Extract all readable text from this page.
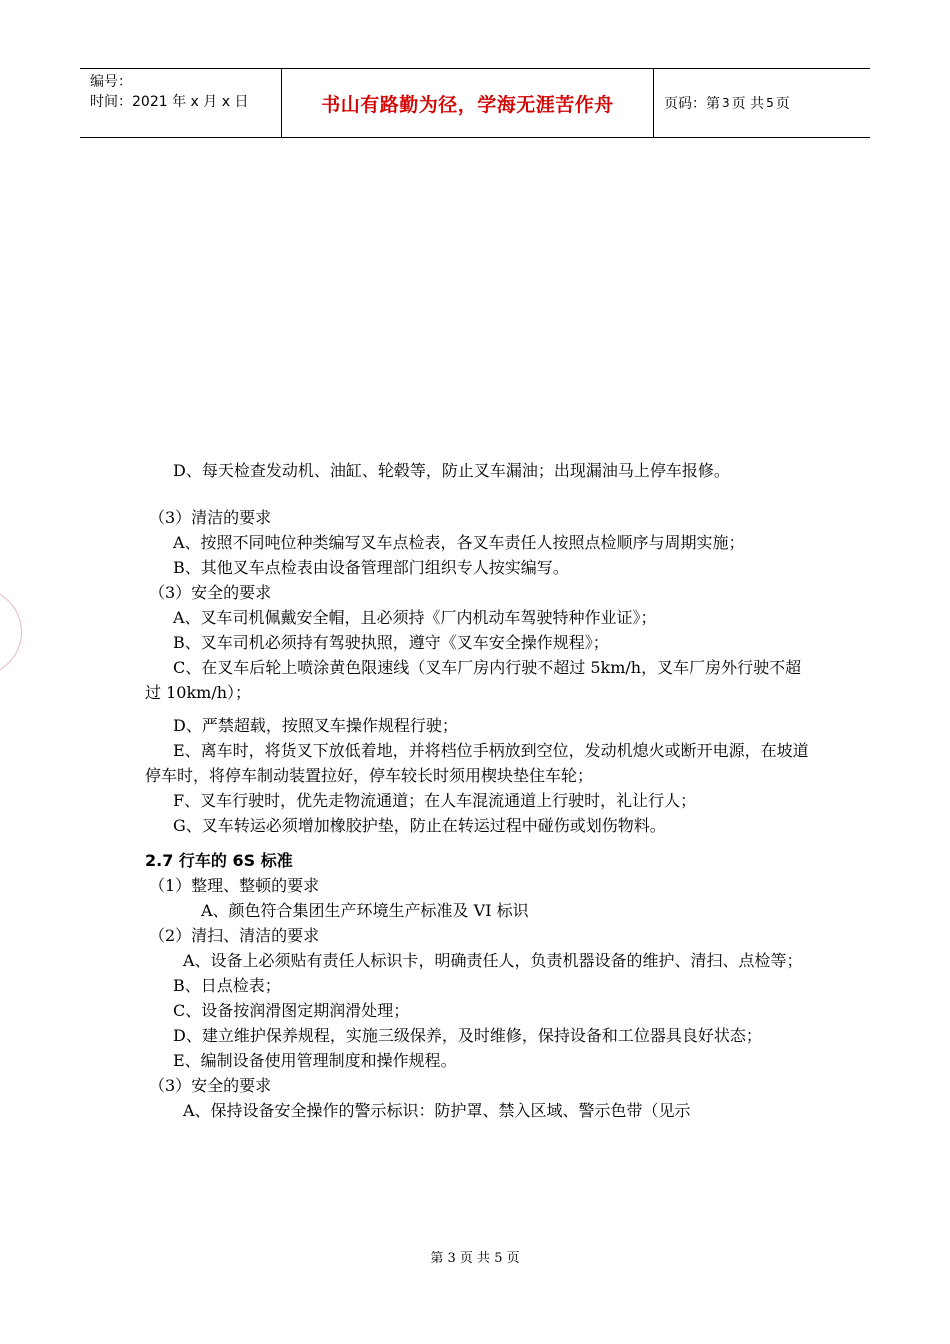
编号：
时间：2021 年 x 月 x 日	书山有路勤为径，学海无涯苦作舟	页码：第 3 页 共 5 页

D、每天检查发动机、油缸、轮毂等，防止叉车漏油；出现漏油马上停车报修。

（3）清洁的要求

A、按照不同吨位种类编写叉车点检表，各叉车责任人按照点检顺序与周期实施；

B、其他叉车点检表由设备管理部门组织专人按实编写。

（3）安全的要求

A、叉车司机佩戴安全帽，且必须持《厂内机动车驾驶特种作业证》；

B、叉车司机必须持有驾驶执照，遵守《叉车安全操作规程》；

C、在叉车后轮上喷涂黄色限速线（叉车厂房内行驶不超过 5km/h，叉车厂房外行驶不超过 10km/h）；

D、严禁超载，按照叉车操作规程行驶；

E、离车时，将货叉下放低着地，并将档位手柄放到空位，发动机熄火或断开电源，在坡道停车时，将停车制动装置拉好，停车较长时须用楔块垫住车轮；

F、叉车行驶时，优先走物流通道；在人车混流通道上行驶时，礼让行人；

G、叉车转运必须增加橡胶护垫，防止在转运过程中碰伤或划伤物料。

2.7 行车的 6S 标准

（1）整理、整顿的要求

A、颜色符合集团生产环境生产标准及 VI 标识

（2）清扫、清洁的要求

A、设备上必须贴有责任人标识卡，明确责任人，负责机器设备的维护、清扫、点检等；

B、日点检表；

C、设备按润滑图定期润滑处理；

D、建立维护保养规程，实施三级保养，及时维修，保持设备和工位器具良好状态；

E、编制设备使用管理制度和操作规程。

（3）安全的要求

A、保持设备安全操作的警示标识：防护罩、禁入区域、警示色带（见示

第 3 页 共 5 页
